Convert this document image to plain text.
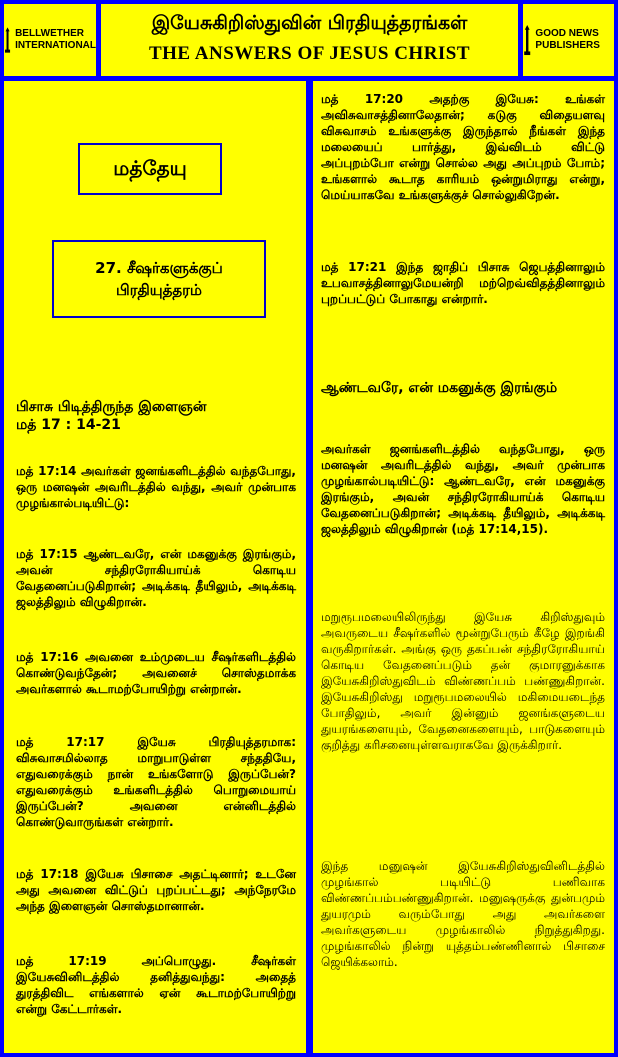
BELLWETHER INTERNATIONAL
இயேசுகிறிஸ்துவின் பிரதியுத்தரங்கள்
THE ANSWERS OF JESUS CHRIST
GOOD NEWS PUBLISHERS
மத்தேயு
27. சீஷர்களுக்குப் பிரதியுத்தரம்

பிசாசு பிடித்திருந்த இளைஞன்

மத் 17 : 14-21

மத் 17:14 அவர்கள் ஜனங்களிடத்தில் வந்தபோது, ஒரு மனஷன் அவரிடத்தில் வந்து, அவர் முன்பாக முழங்கால்படியிட்டு:

மத் 17:15 ஆண்டவரே, என் மகனுக்கு இரங்கும், அவன் சந்திரரோகியாய்க் கொடிய வேதனைப்படுகிறான்; அடிக்கடி தீயிலும், அடிக்கடி ஜலத்திலும் விழுகிறான்.

மத் 17:16 அவனை உம்முடைய சீஷர்களிடத்தில் கொண்டுவந்தேன்; அவனைச் சொஸ்தமாக்க அவர்களால் கூடாமற்போயிற்று என்றான்.

மத் 17:17 இயேசு பிரதியுத்தரமாக: விசுவாசமில்லாத மாறுபாடுள்ள சந்ததியே, எதுவரைக்கும் நான் உங்களோடு இருப்பேன்? எதுவரைக்கும் உங்களிடத்தில் பொறுமையாய் இருப்பேன்? அவனை என்னிடத்தில் கொண்டுவாருங்கள் என்றார்.

மத் 17:18 இயேசு பிசாசை அதட்டினார்; உடனே அது அவனை விட்டுப் புறப்பட்டது; அந்நேரமே அந்த இளைஞன் சொஸ்தமானான்.

மத் 17:19 அப்பொழுது. சீஷர்கள் இயேசுவினிடத்தில் தனித்துவந்து: அதைத் துரத்திவிட எங்களால் ஏன் கூடாமற்போயிற்று என்று கேட்டார்கள்.

மத் 17:20 அதற்கு இயேசு: உங்கள் அவிசுவாசத்தினாலேதான்; கடுகு விதையளவு விசுவாசம் உங்களுக்கு இருந்தால் நீங்கள் இந்த மலையைப் பார்த்து, இவ்விடம் விட்டு அப்புறம்போ என்று சொல்ல அது அப்புறம் போம்; உங்களால் கூடாத காரியம் ஒன்றுமிராது என்று, மெய்யாகவே உங்களுக்குச் சொல்லுகிறேன்.

மத் 17:21 இந்த ஜாதிப் பிசாசு ஜெபத்தினாலும் உபவாசத்தினாலுமேயன்றி மற்றெவ்விதத்தினாலும் புறப்பட்டுப் போகாது என்றார்.

ஆண்டவரே, என் மகனுக்கு இரங்கும்

அவர்கள் ஜனங்களிடத்தில் வந்தபோது, ஒரு மனஷன் அவரிடத்தில் வந்து, அவர் முன்பாக முழங்கால்படியிட்டு: ஆண்டவரே, என் மகனுக்கு இரங்கும், அவன் சந்திரரோகியாய்க் கொடிய வேதனைப்படுகிறான்; அடிக்கடி தீயிலும், அடிக்கடி ஜலத்திலும் விழுகிறான் (மத் 17:14,15).

மறுரூபமலையிலிருந்து இயேசு கிறிஸ்துவும் அவருடைய சீஷர்களில் மூன்றுபேரும் கீழே இறங்கி வருகிறார்கள். அங்கு ஒரு தகப்பன் சந்திரரோகியாய் கொடிய வேதனைப்படும் தன் குமாரனுக்காக இயேசுகிறிஸ்துவிடம் விண்ணப்பம் பண்ணுகிறான். இயேசுகிறிஸ்து மறுரூபமலையில் மகிமையடைந்த போதிலும், அவர் இன்னும் ஜனங்களுடைய துயரங்களையும், வேதனைகளையும், பாடுகளையும் குறித்து கரிசனையுள்ளவராகவே இருக்கிறார்.

இந்த மனுஷன் இயேசுகிறிஸ்துவினிடத்தில் முழங்கால் படியிட்டு பணிவாக விண்ணப்பம்பண்ணுகிறான். மனுஷருக்கு துன்பமும் துயரமும் வரும்போது அது அவர்களை அவர்களுடைய முழங்காலில் நிறுத்துகிறது. முழங்காலில் நின்று யுத்தம்பண்ணினால் பிசாசை ஜெயிக்கலாம்.
